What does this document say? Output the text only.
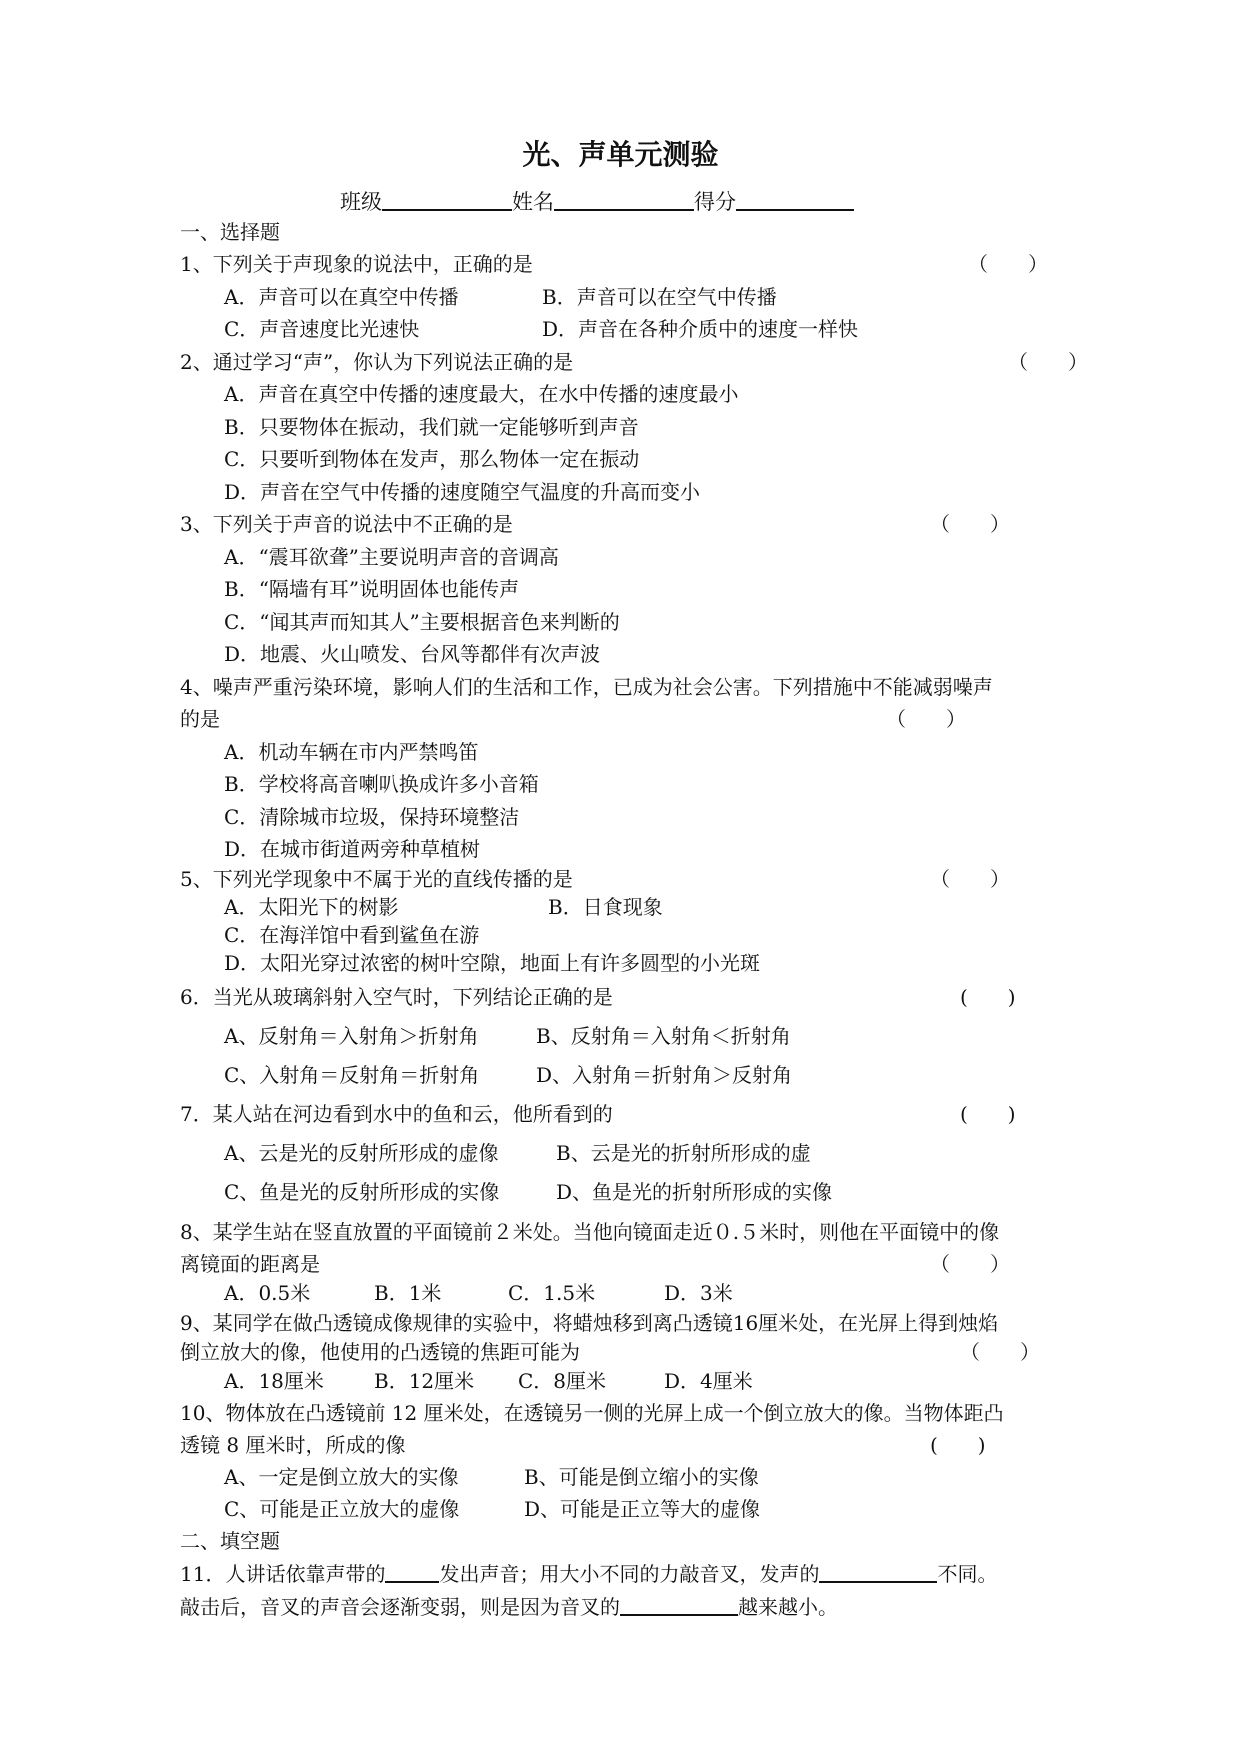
光、声单元测验
班级	姓名	得分
一、选择题
1、下列关于声现象的说法中，正确的是	（　　）
A．声音可以在真空中传播	B．声音可以在空气中传播
C．声音速度比光速快	D．声音在各种介质中的速度一样快
2、通过学习“声”，你认为下列说法正确的是	（　　）
A．声音在真空中传播的速度最大，在水中传播的速度最小
B．只要物体在振动，我们就一定能够听到声音
C．只要听到物体在发声，那么物体一定在振动
D．声音在空气中传播的速度随空气温度的升高而变小
3、下列关于声音的说法中不正确的是	（　　）
A．“震耳欲聋”主要说明声音的音调高
B．“隔墙有耳”说明固体也能传声
C．“闻其声而知其人”主要根据音色来判断的
D．地震、火山喷发、台风等都伴有次声波
4、噪声严重污染环境，影响人们的生活和工作，已成为社会公害。下列措施中不能减弱噪声
的是	（　　）
A．机动车辆在市内严禁鸣笛
B．学校将高音喇叭换成许多小音箱
C．清除城市垃圾，保持环境整洁
D．在城市街道两旁种草植树
5、下列光学现象中不属于光的直线传播的是	（　　）
A．太阳光下的树影	B．日食现象
C．在海洋馆中看到鲨鱼在游
D．太阳光穿过浓密的树叶空隙，地面上有许多圆型的小光斑
6．当光从玻璃斜射入空气时，下列结论正确的是	(　　)
A、反射角＝入射角＞折射角	B、反射角＝入射角＜折射角
C、入射角＝反射角＝折射角	D、入射角＝折射角＞反射角
7．某人站在河边看到水中的鱼和云，他所看到的	(　　)
A、云是光的反射所形成的虚像	B、云是光的折射所形成的虚
C、鱼是光的反射所形成的实像	D、鱼是光的折射所形成的实像
8、某学生站在竖直放置的平面镜前２米处。当他向镜面走近０.５米时，则他在平面镜中的像
离镜面的距离是	（　　）
A．0.5米	B．1米	C．1.5米	D．3米
9、某同学在做凸透镜成像规律的实验中，将蜡烛移到离凸透镜16厘米处，在光屏上得到烛焰
倒立放大的像，他使用的凸透镜的焦距可能为	（　　）
A．18厘米	B．12厘米 C．8厘米	D．4厘米
10、物体放在凸透镜前 12 厘米处，在透镜另一侧的光屏上成一个倒立放大的像。当物体距凸
透镜 8 厘米时，所成的像	(　　)
A、一定是倒立放大的实像	B、可能是倒立缩小的实像
C、可能是正立放大的虚像	D、可能是正立等大的虚像
二、填空题
11．人讲话依靠声带的	发出声音；用大小不同的力敲音叉，发声的	不同。
敲击后，音叉的声音会逐渐变弱，则是因为音叉的	越来越小。
